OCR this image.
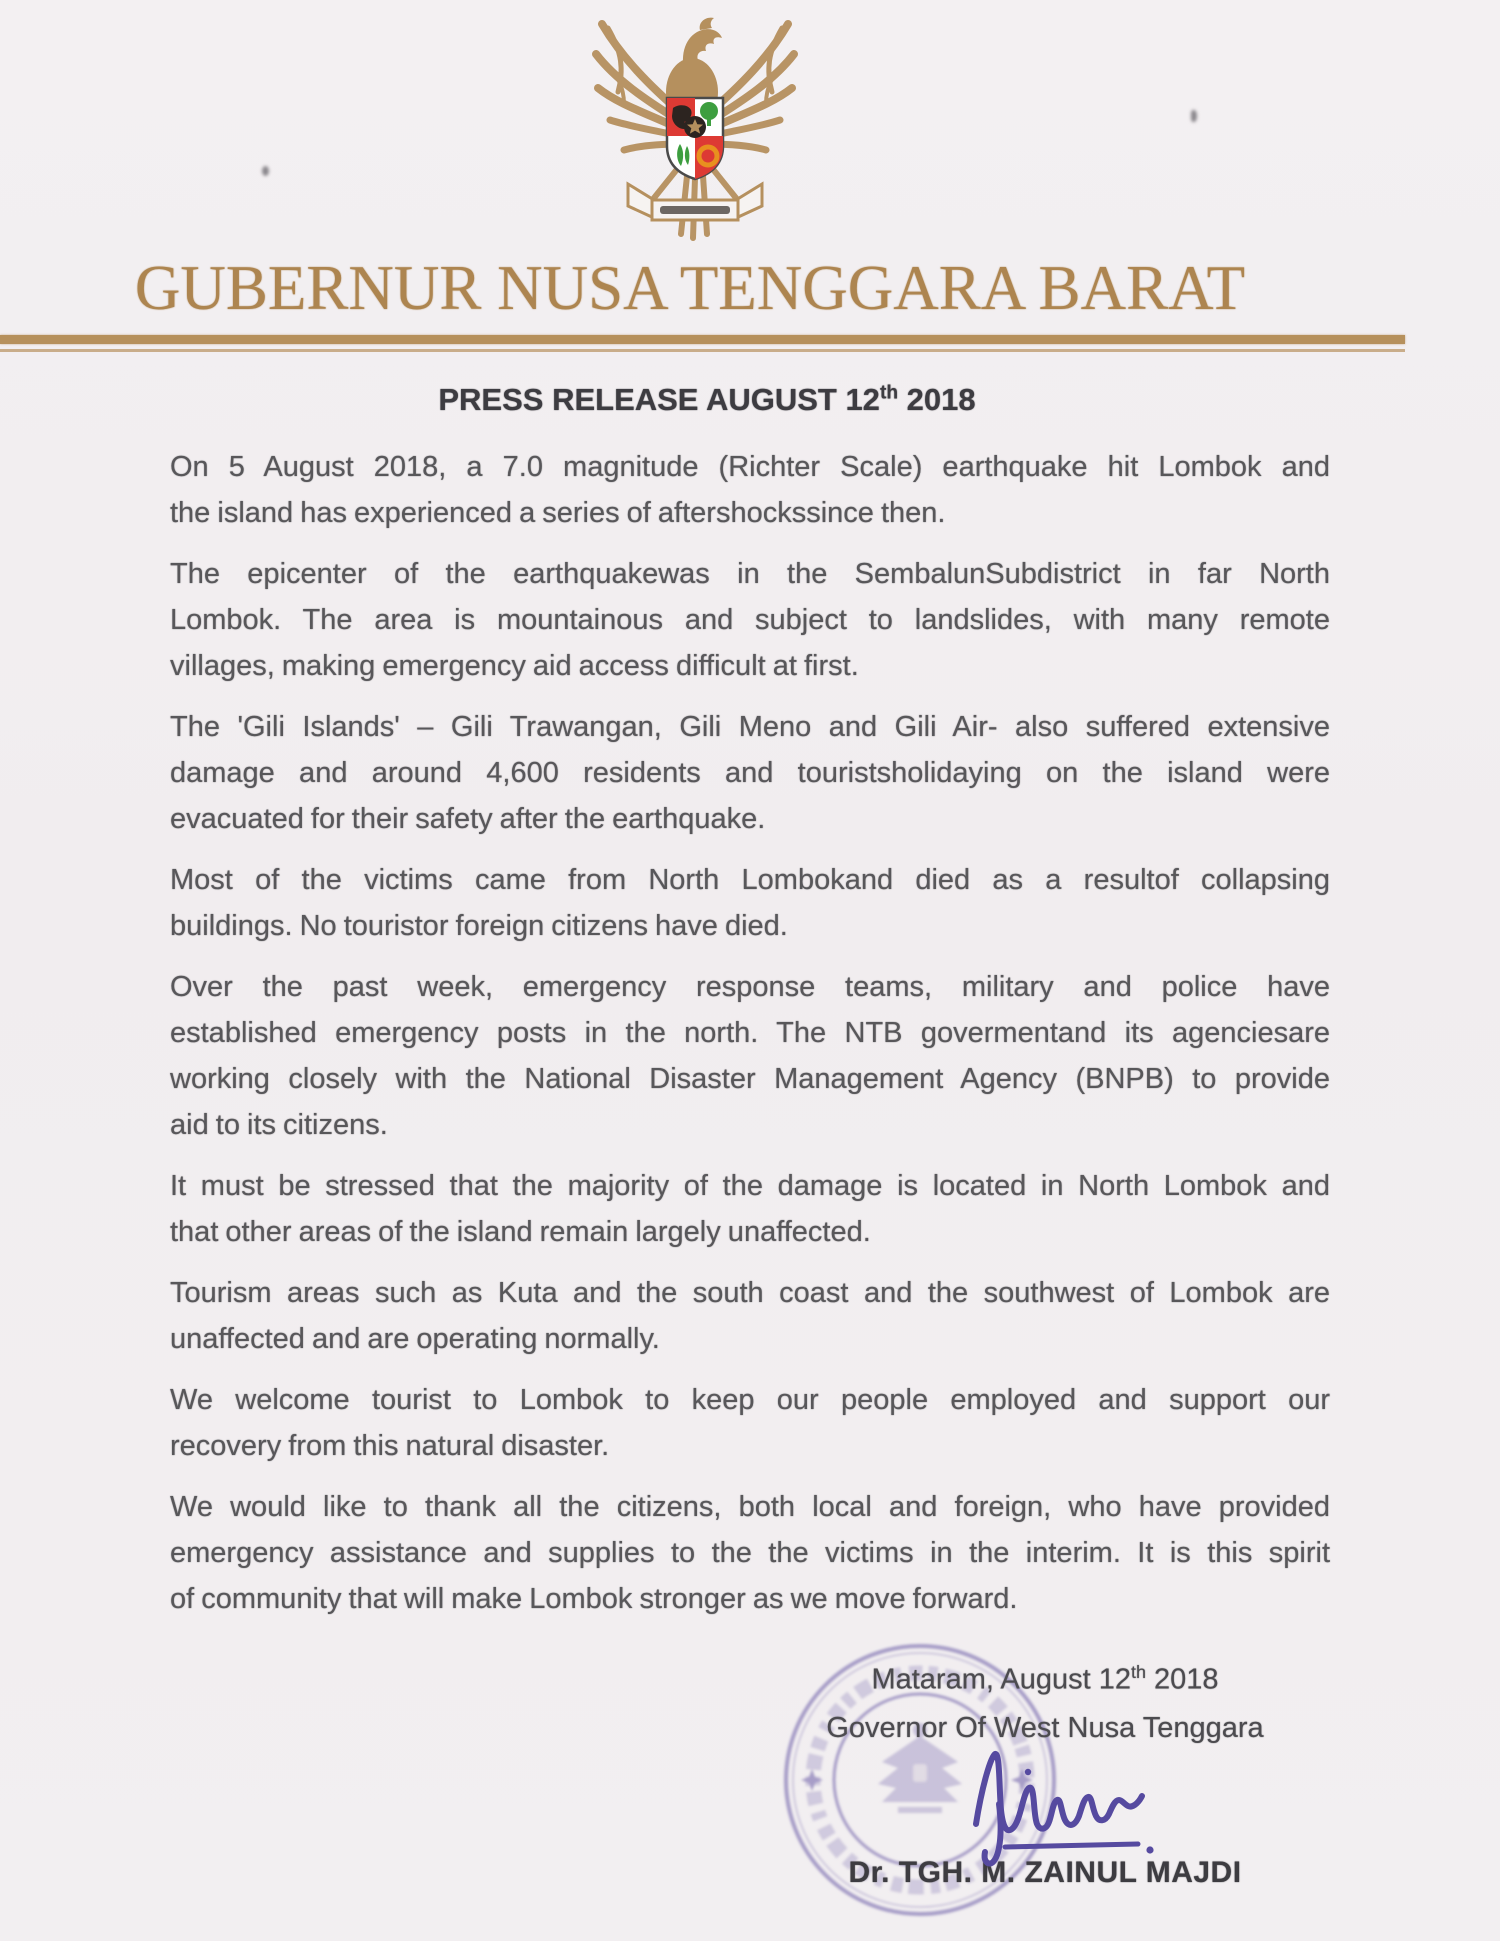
GUBERNUR NUSA TENGGARA BARAT
PRESS RELEASE AUGUST 12th 2018
On 5 August 2018, a 7.0 magnitude (Richter Scale) earthquake hit Lombok and
the island has experienced a series of aftershockssince then.
The epicenter of the earthquakewas in the SembalunSubdistrict in far North
Lombok. The area is mountainous and subject to landslides, with many remote
villages, making emergency aid access difficult at first.
The 'Gili Islands' – Gili Trawangan, Gili Meno and Gili Air- also suffered extensive
damage and around 4,600 residents and touristsholidaying on the island were
evacuated for their safety after the earthquake.
Most of the victims came from North Lombokand died as a resultof collapsing
buildings. No touristor foreign citizens have died.
Over the past week, emergency response teams, military and police have
established emergency posts in the north. The NTB govermentand its agenciesare
working closely with the National Disaster Management Agency (BNPB) to provide
aid to its citizens.
It must be stressed that the majority of the damage is located in North Lombok and
that other areas of the island remain largely unaffected.
Tourism areas such as Kuta and the south coast and the southwest of Lombok are
unaffected and are operating normally.
We welcome tourist to Lombok to keep our people employed and support our
recovery from this natural disaster.
We would like to thank all the citizens, both local and foreign, who have provided
emergency assistance and supplies to the the victims in the interim. It is this spirit
of community that will make Lombok stronger as we move forward.
Mataram, August 12th 2018
Governor Of West Nusa Tenggara
Dr. TGH. M. ZAINUL MAJDI
